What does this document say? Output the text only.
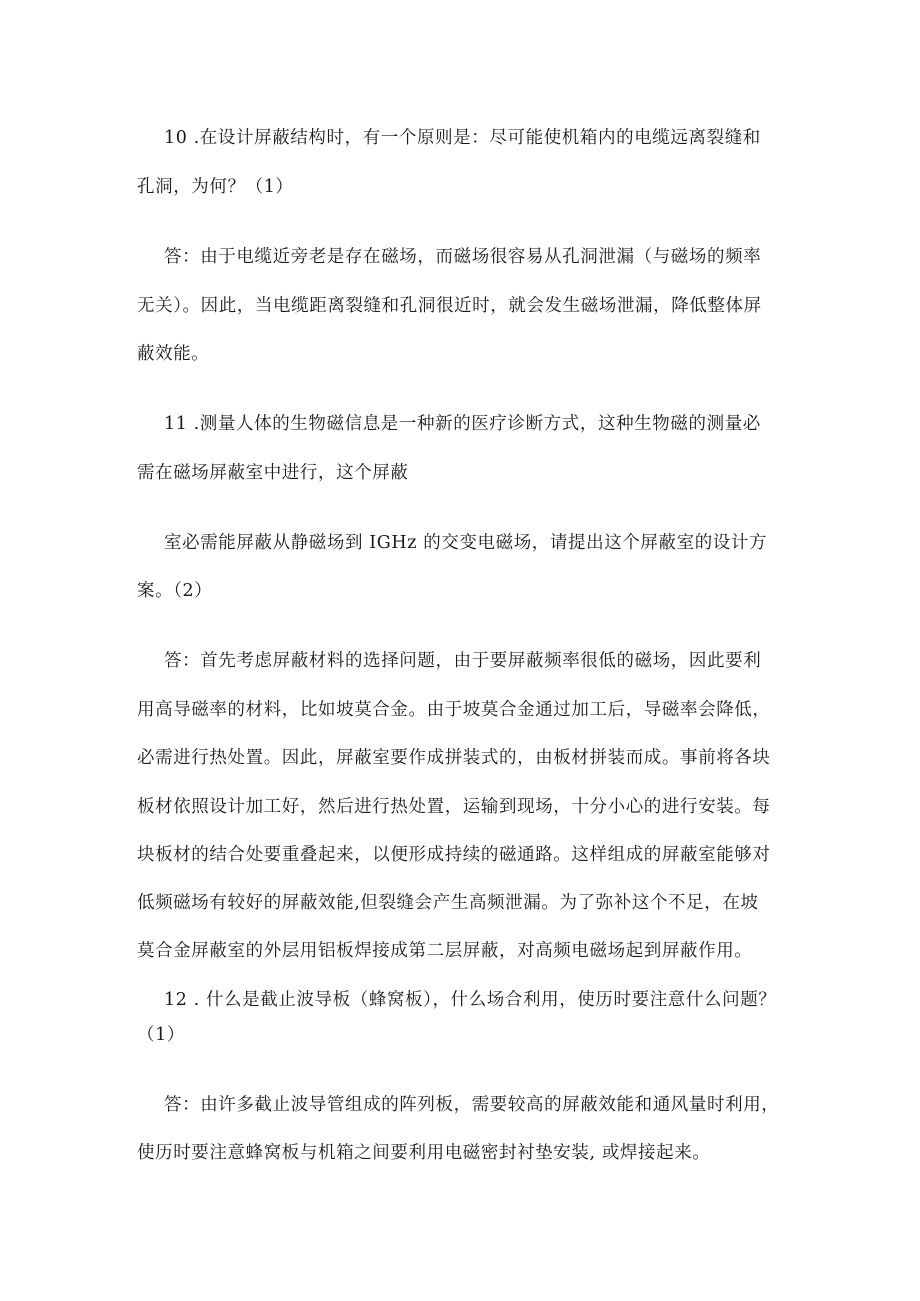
10 .在设计屏蔽结构时，有一个原则是：尽可能使机箱内的电缆远离裂缝和
孔洞，为何？（1）
答：由于电缆近旁老是存在磁场，而磁场很容易从孔洞泄漏（与磁场的频率
无关）。因此，当电缆距离裂缝和孔洞很近时，就会发生磁场泄漏，降低整体屏
蔽效能。
11 .测量人体的生物磁信息是一种新的医疗诊断方式，这种生物磁的测量必
需在磁场屏蔽室中进行，这个屏蔽
室必需能屏蔽从静磁场到 IGHz 的交变电磁场，请提出这个屏蔽室的设计方
案。（2）
答：首先考虑屏蔽材料的选择问题，由于要屏蔽频率很低的磁场，因此要利
用高导磁率的材料，比如坡莫合金。由于坡莫合金通过加工后，导磁率会降低，
必需进行热处置。因此，屏蔽室要作成拼装式的，由板材拼装而成。事前将各块
板材依照设计加工好，然后进行热处置，运输到现场，十分小心的进行安装。每
块板材的结合处要重叠起来，以便形成持续的磁通路。这样组成的屏蔽室能够对
低频磁场有较好的屏蔽效能,但裂缝会产生高频泄漏。为了弥补这个不足，在坡
莫合金屏蔽室的外层用铝板焊接成第二层屏蔽，对高频电磁场起到屏蔽作用。
12 . 什么是截止波导板（蜂窝板），什么场合利用，使历时要注意什么问题？
（1）
答：由许多截止波导管组成的阵列板，需要较高的屏蔽效能和通风量时利用，
使历时要注意蜂窝板与机箱之间要利用电磁密封衬垫安装, 或焊接起来。
